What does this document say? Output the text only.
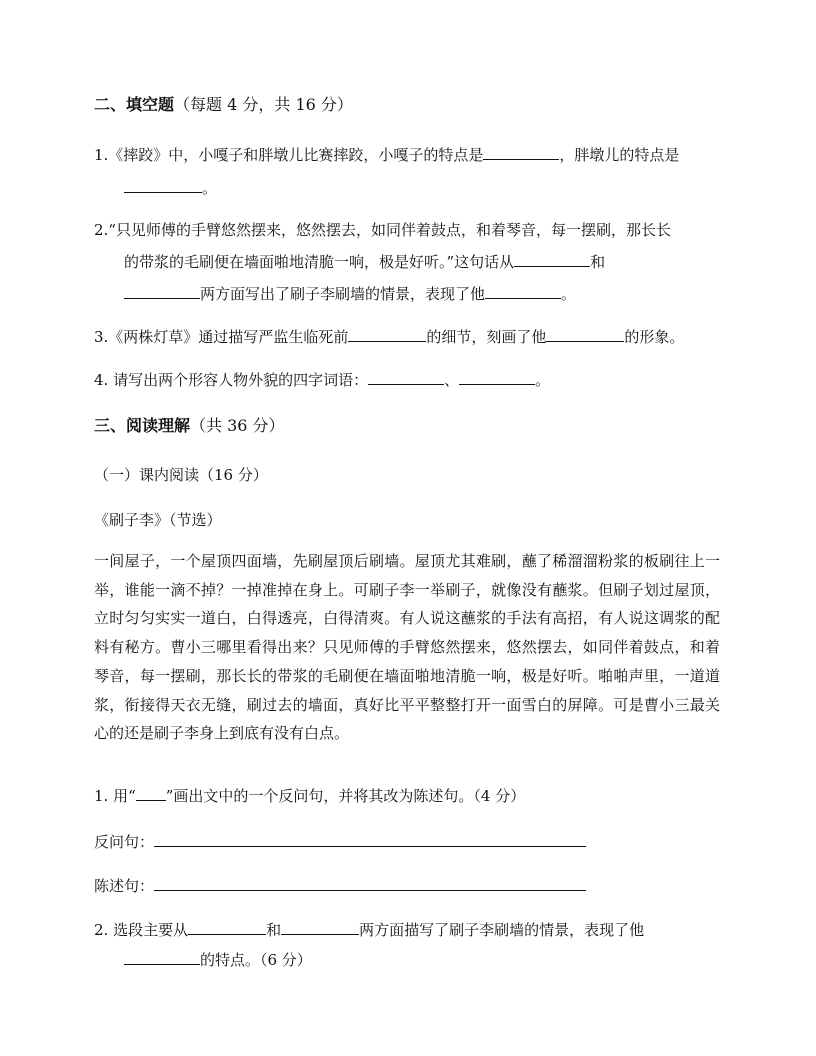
二、填空题（每题 4 分，共 16 分）
1.《摔跤》中，小嘎子和胖墩儿比赛摔跤，小嘎子的特点是	，胖墩儿的特点是
。
2.“只见师傅的手臂悠然摆来，悠然摆去，如同伴着鼓点，和着琴音，每一摆刷，那长长
的带浆的毛刷便在墙面啪地清脆一响，极是好听。”这句话从	和
两方面写出了刷子李刷墙的情景，表现了他	。
3.《两株灯草》通过描写严监生临死前	的细节，刻画了他	的形象。
4. 请写出两个形容人物外貌的四字词语：	、	。
三、阅读理解（共 36 分）
（一）课内阅读（16 分）
《刷子李》（节选）
一间屋子，一个屋顶四面墙，先刷屋顶后刷墙。屋顶尤其难刷，蘸了稀溜溜粉浆的板刷往上一举，谁能一滴不掉？一掉准掉在身上。可刷子李一举刷子，就像没有蘸浆。但刷子划过屋顶，立时匀匀实实一道白，白得透亮，白得清爽。有人说这蘸浆的手法有高招，有人说这调浆的配料有秘方。曹小三哪里看得出来？只见师傅的手臂悠然摆来，悠然摆去，如同伴着鼓点，和着琴音，每一摆刷，那长长的带浆的毛刷便在墙面啪地清脆一响，极是好听。啪啪声里，一道道浆，衔接得天衣无缝，刷过去的墙面，真好比平平整整打开一面雪白的屏障。可是曹小三最关心的还是刷子李身上到底有没有白点。
1. 用“ ”画出文中的一个反问句，并将其改为陈述句。（4 分）
反问句：
陈述句：
2. 选段主要从	和	两方面描写了刷子李刷墙的情景，表现了他
的特点。（6 分）
